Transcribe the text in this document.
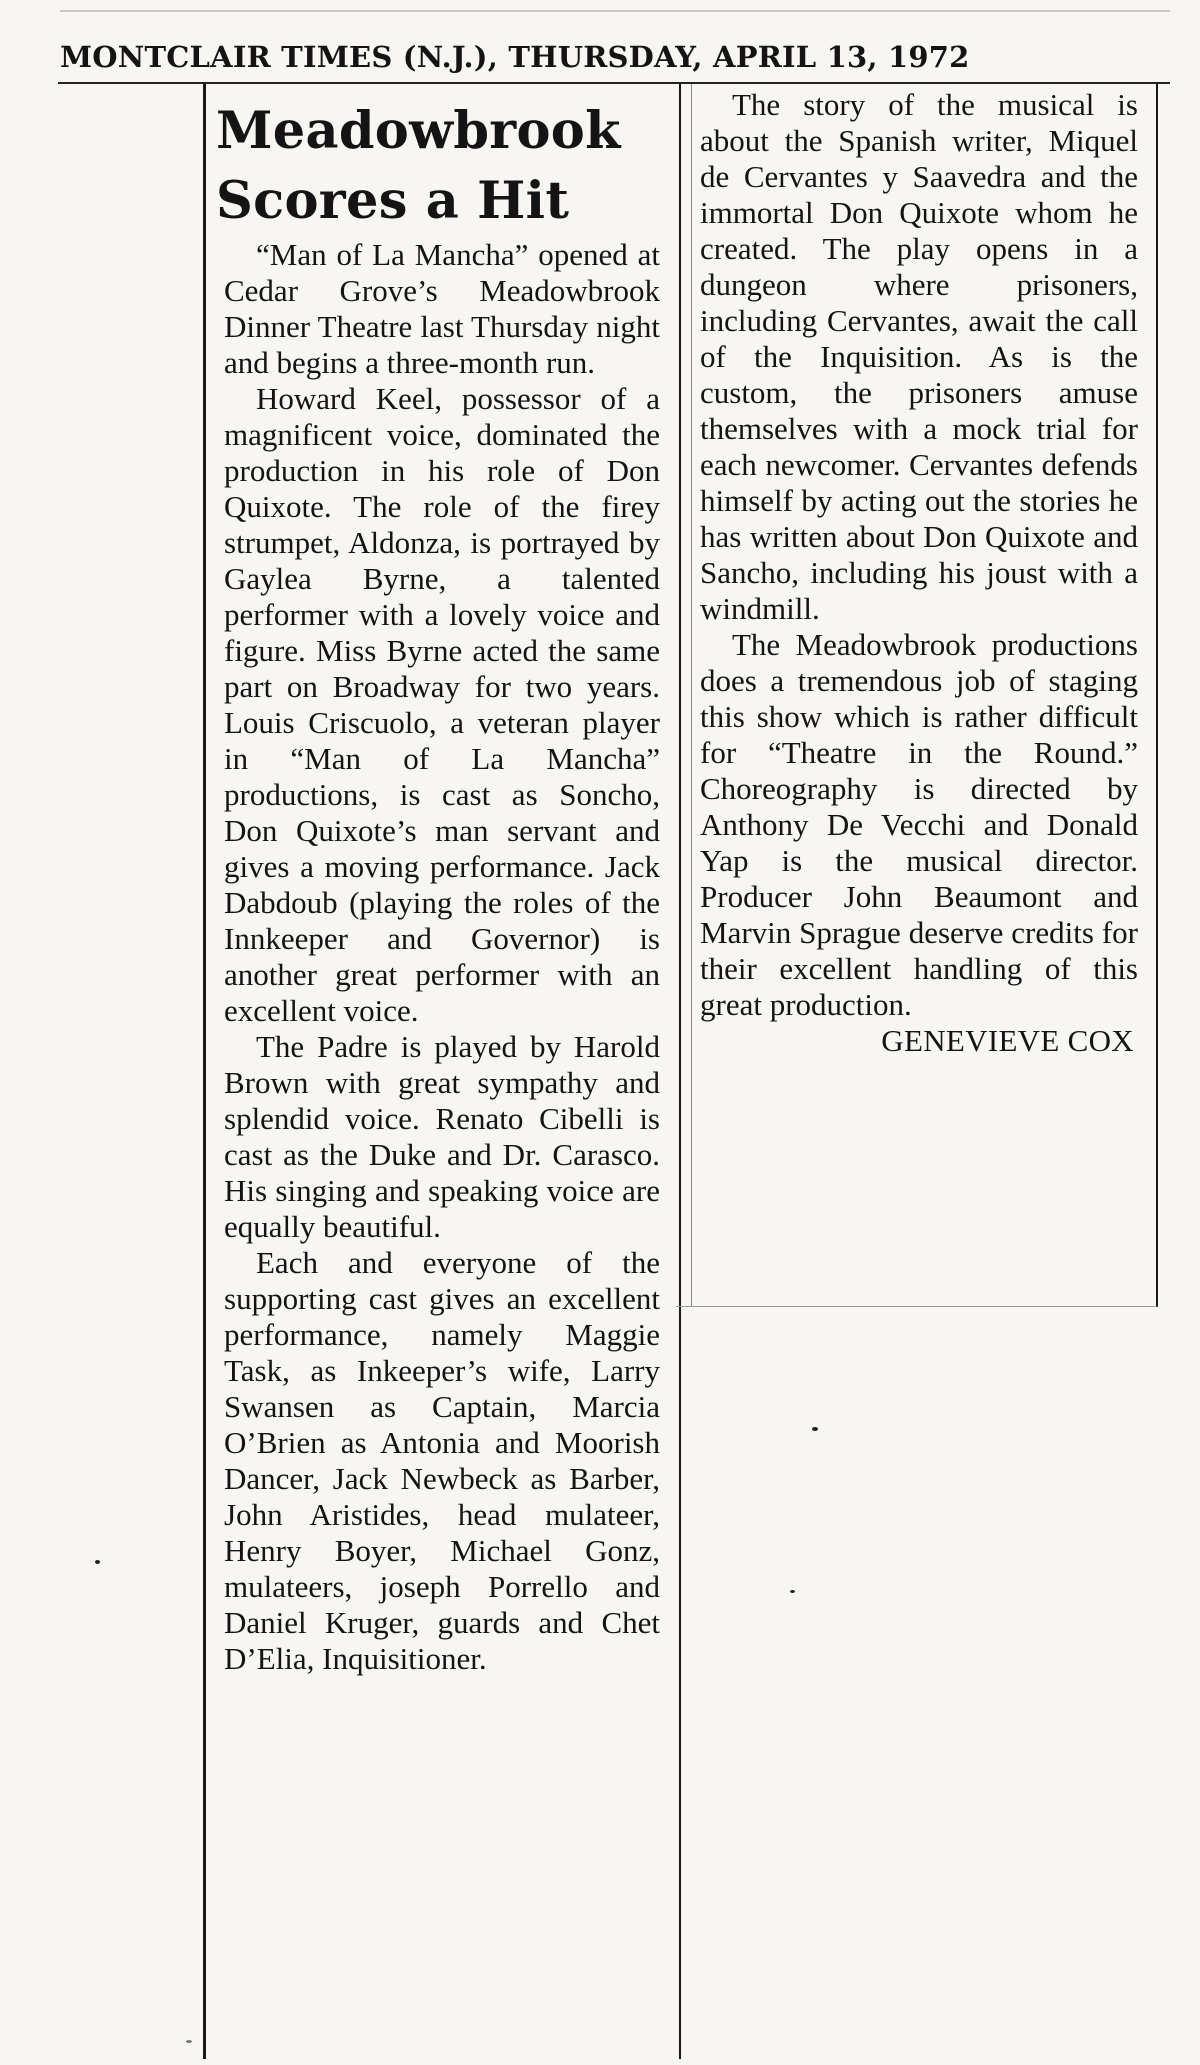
MONTCLAIR TIMES (N.J.), THURSDAY, APRIL 13, 1972
Meadowbrook
Scores a Hit

“Man of La Mancha” opened at Cedar Grove’s Meadowbrook Dinner Theatre last Thursday night and begins a three-month run.

Howard Keel, possessor of a magnificent voice, dominated the production in his role of Don Quixote. The role of the firey strumpet, Aldonza, is portrayed by Gaylea Byrne, a talented performer with a lovely voice and figure. Miss Byrne acted the same part on Broadway for two years. Louis Criscuolo, a veteran player in “Man of La Mancha” productions, is cast as Soncho, Don Quixote’s man servant and gives a moving performance. Jack Dabdoub (playing the roles of the Innkeeper and Governor) is another great performer with an excellent voice.

The Padre is played by Harold Brown with great sympathy and splendid voice. Renato Cibelli is cast as the Duke and Dr. Carasco. His singing and speaking voice are equally beautiful.

Each and everyone of the supporting cast gives an excellent performance, namely Maggie Task, as Inkeeper’s wife, Larry Swansen as Captain, Marcia O’Brien as Antonia and Moorish Dancer, Jack Newbeck as Barber, John Aristides, head mulateer, Henry Boyer, Michael Gonz, mulateers, joseph Porrello and Daniel Kruger, guards and Chet D’Elia, Inquisitioner.

The story of the musical is about the Spanish writer, Miquel de Cervantes y Saavedra and the immortal Don Quixote whom he created. The play opens in a dungeon where prisoners, including Cervantes, await the call of the Inquisition. As is the custom, the prisoners amuse themselves with a mock trial for each newcomer. Cervantes defends himself by acting out the stories he has written about Don Quixote and Sancho, including his joust with a windmill.

The Meadowbrook productions does a tremendous job of staging this show which is rather difficult for “Theatre in the Round.” Choreography is directed by Anthony De Vecchi and Donald Yap is the musical director. Producer John Beaumont and Marvin Sprague deserve credits for their excellent handling of this great production.

GENEVIEVE COX
